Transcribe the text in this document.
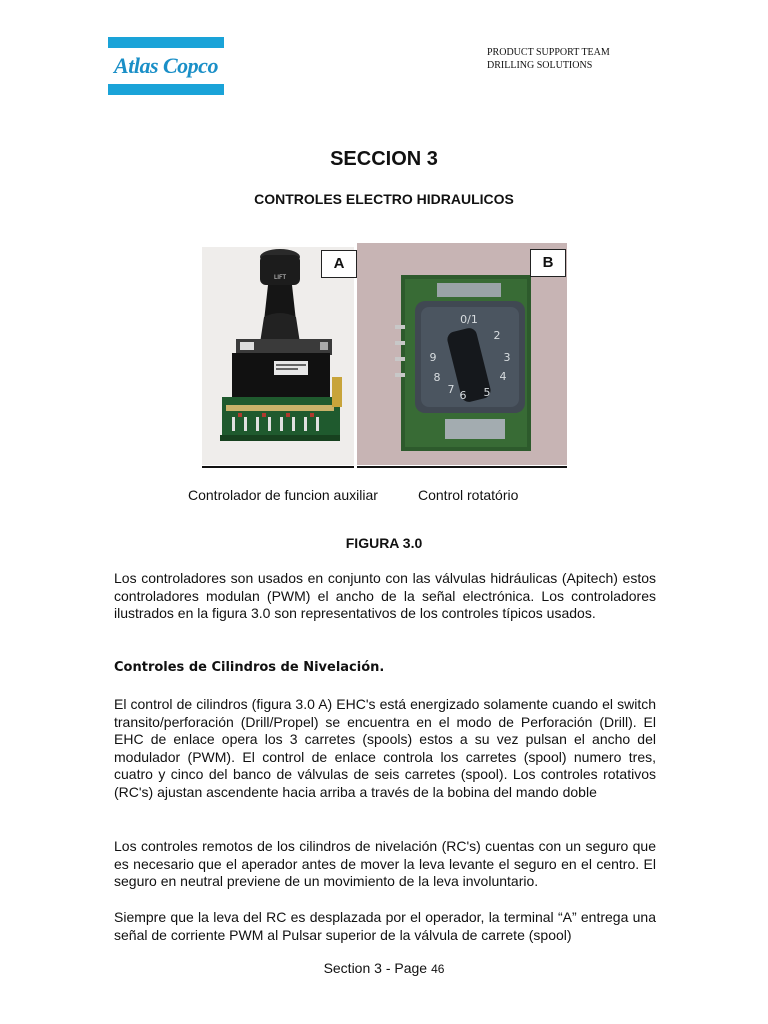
Atlas Copco
PRODUCT SUPPORT TEAM
DRILLING SOLUTIONS
SECCION 3
CONTROLES ELECTRO HIDRAULICOS
LIFT
0/1
2
3
4
5
6
7
8
9
A	B
Controlador de funcion auxiliar	Control rotatório
FIGURA 3.0
Los controladores son usados en conjunto con las válvulas hidráulicas (Apitech) estos controladores modulan (PWM) el ancho de la señal electrónica. Los controladores ilustrados en la figura 3.0 son representativos de los controles típicos usados.
Controles de Cilindros de Nivelación.
El control de cilindros (figura 3.0 A) EHC's está energizado solamente cuando el switch transito/perforación (Drill/Propel) se encuentra en el modo de Perforación (Drill). El EHC de enlace opera los 3 carretes (spools) estos a su vez pulsan el ancho del modulador (PWM). El control de enlace controla los carretes (spool) numero tres, cuatro y cinco del banco de válvulas de seis carretes (spool). Los controles rotativos (RC's) ajustan ascendente hacia arriba a través de la bobina del mando doble
Los controles remotos de los cilindros de nivelación (RC's) cuentas con un seguro que es necesario que el aperador antes de mover la leva levante el seguro en el centro. El seguro en neutral previene de un movimiento de la leva involuntario.
Siempre que la leva del RC es desplazada por el operador, la terminal “A” entrega una señal de corriente PWM al Pulsar superior de la válvula de carrete (spool)
Section 3 - Page 46
